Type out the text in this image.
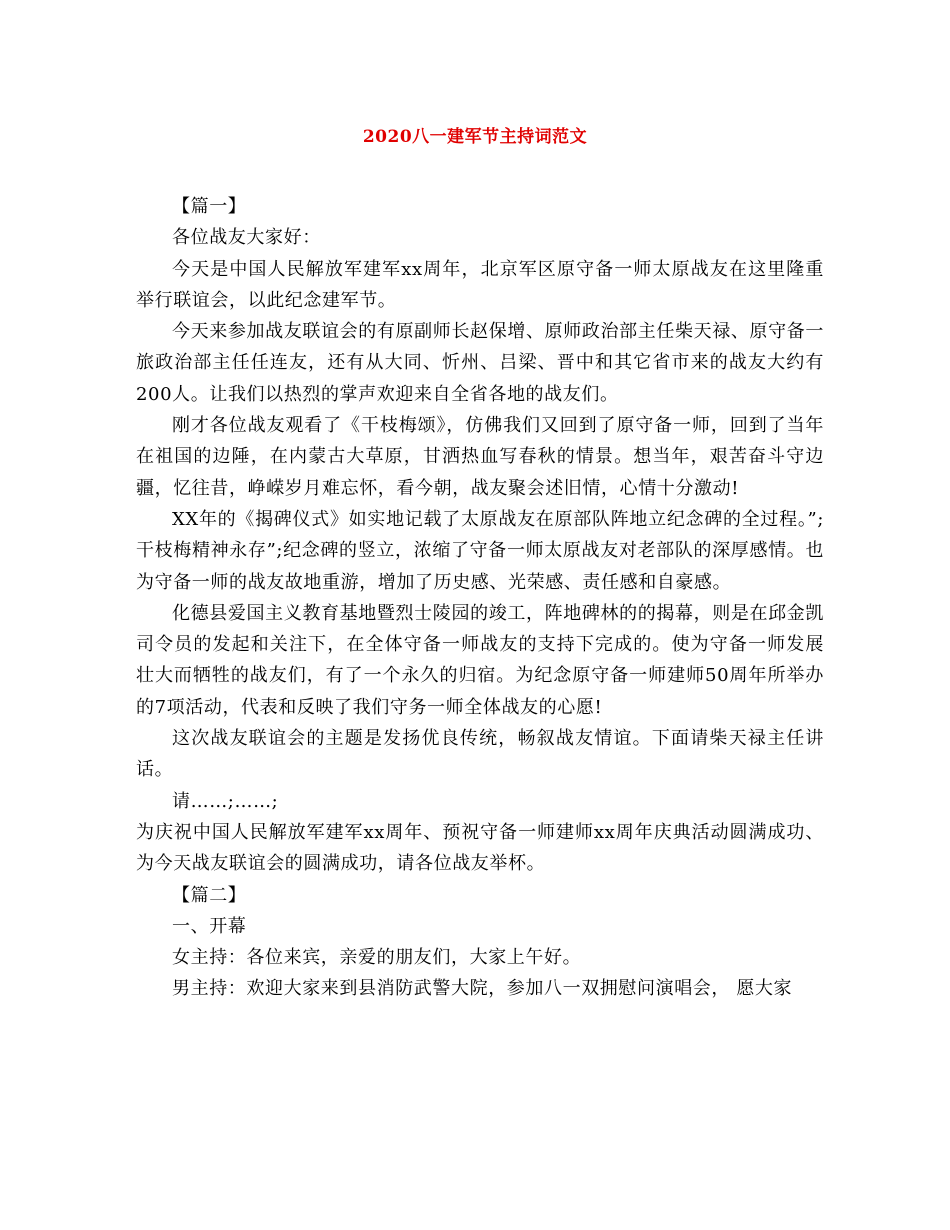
2020八一建军节主持词范文

【篇一】

各位战友大家好：

今天是中国人民解放军建军xx周年，北京军区原守备一师太原战友在这里隆重举行联谊会，以此纪念建军节。

今天来参加战友联谊会的有原副师长赵保增、原师政治部主任柴天禄、原守备一旅政治部主任任连友，还有从大同、忻州、吕梁、晋中和其它省市来的战友大约有200人。让我们以热烈的掌声欢迎来自全省各地的战友们。

刚才各位战友观看了《干枝梅颂》，仿佛我们又回到了原守备一师，回到了当年在祖国的边陲，在内蒙古大草原，甘洒热血写春秋的情景。想当年，艰苦奋斗守边疆，忆往昔，峥嵘岁月难忘怀，看今朝，战友聚会述旧情，心情十分激动!

XX年的《揭碑仪式》如实地记载了太原战友在原部队阵地立纪念碑的全过程。”;干枝梅精神永存”;纪念碑的竖立，浓缩了守备一师太原战友对老部队的深厚感情。也为守备一师的战友故地重游，增加了历史感、光荣感、责任感和自豪感。

化德县爱国主义教育基地暨烈士陵园的竣工，阵地碑林的的揭幕，则是在邱金凯司令员的发起和关注下，在全体守备一师战友的支持下完成的。使为守备一师发展壮大而牺牲的战友们，有了一个永久的归宿。为纪念原守备一师建师50周年所举办的7项活动，代表和反映了我们守务一师全体战友的心愿!

这次战友联谊会的主题是发扬优良传统，畅叙战友情谊。下面请柴天禄主任讲话。

请……;……;

为庆祝中国人民解放军建军xx周年、预祝守备一师建师xx周年庆典活动圆满成功、为今天战友联谊会的圆满成功，请各位战友举杯。

【篇二】

一、开幕

女主持：各位来宾，亲爱的朋友们，大家上午好。

男主持：欢迎大家来到县消防武警大院，参加八一双拥慰问演唱会， 愿大家
